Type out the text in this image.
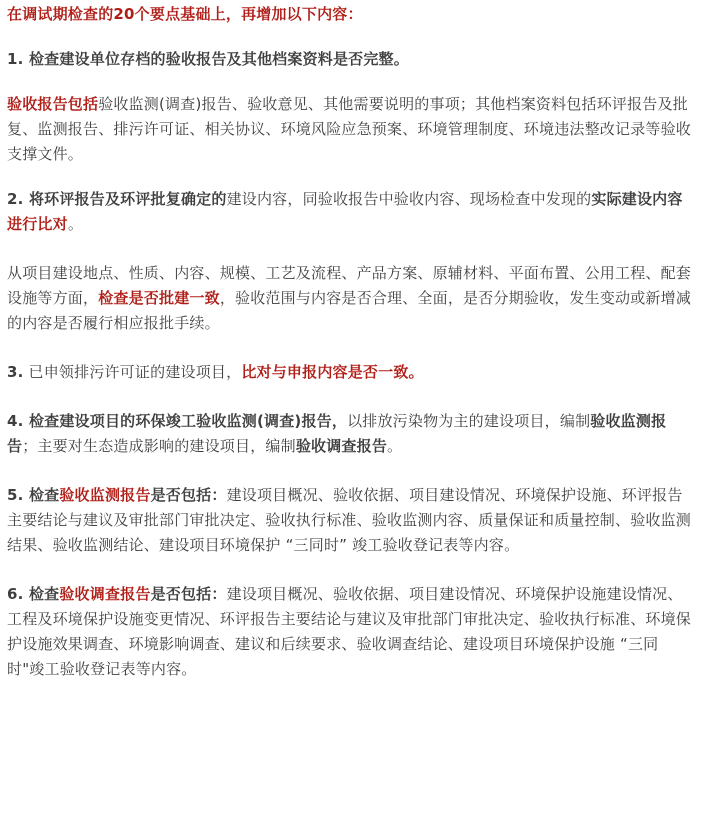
在调试期检查的20个要点基础上，再增加以下内容：

1. 检查建设单位存档的验收报告及其他档案资料是否完整。

验收报告包括验收监测(调查)报告、验收意见、其他需要说明的事项；其他档案资料包括环评报告及批复、监测报告、排污许可证、相关协议、环境风险应急预案、环境管理制度、环境违法整改记录等验收支撑文件。

2. 将环评报告及环评批复确定的建设内容，同验收报告中验收内容、现场检查中发现的实际建设内容进行比对。

从项目建设地点、性质、内容、规模、工艺及流程、产品方案、原辅材料、平面布置、公用工程、配套设施等方面，检查是否批建一致，验收范围与内容是否合理、全面，是否分期验收，发生变动或新增减的内容是否履行相应报批手续。

3. 已申领排污许可证的建设项目，比对与申报内容是否一致。

4. 检查建设项目的环保竣工验收监测(调查)报告，以排放污染物为主的建设项目，编制验收监测报告；主要对生态造成影响的建设项目，编制验收调查报告。

5. 检查验收监测报告是否包括：建设项目概况、验收依据、项目建设情况、环境保护设施、环评报告主要结论与建议及审批部门审批决定、验收执行标准、验收监测内容、质量保证和质量控制、验收监测结果、验收监测结论、建设项目环境保护 “三同时” 竣工验收登记表等内容。

6. 检查验收调查报告是否包括：建设项目概况、验收依据、项目建设情况、环境保护设施建设情况、工程及环境保护设施变更情况、环评报告主要结论与建议及审批部门审批决定、验收执行标准、环境保护设施效果调查、环境影响调查、建议和后续要求、验收调查结论、建设项目环境保护设施 “三同时"竣工验收登记表等内容。
